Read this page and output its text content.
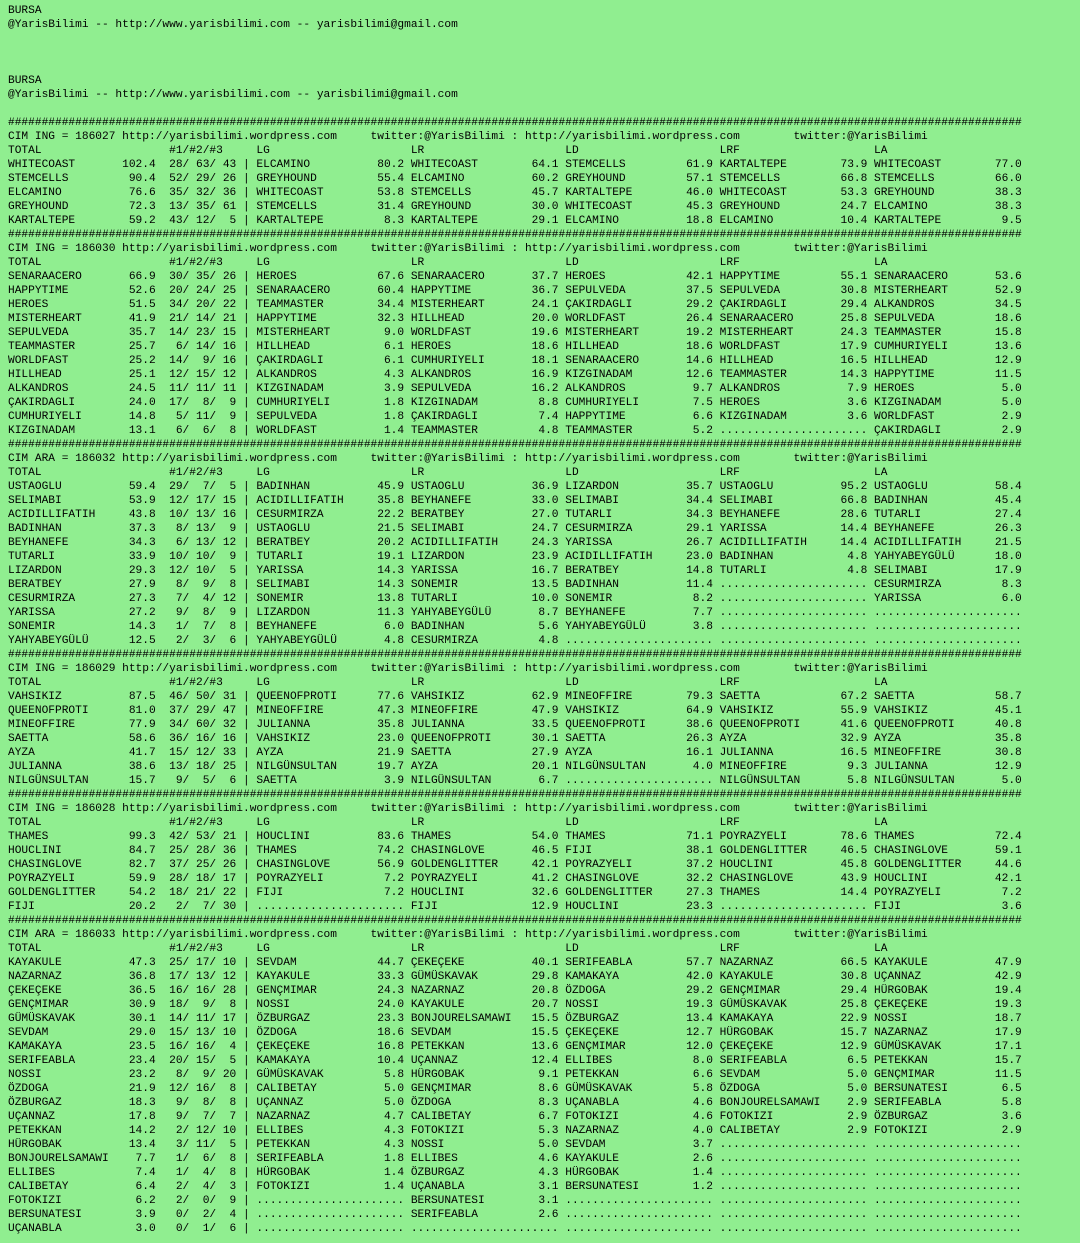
BURSA
@YarisBilimi -- http://www.yarisbilimi.com -- yarisbilimi@gmail.com
BURSA
@YarisBilimi -- http://www.yarisbilimi.com -- yarisbilimi@gmail.com
#######################################################################################################################################################
CIM ING = 186027 http://yarisbilimi.wordpress.com     twitter:@YarisBilimi : http://yarisbilimi.wordpress.com        twitter:@YarisBilimi
TOTAL                   #1/#2/#3     LG                     LR                     LD                     LRF                    LA
WHITECOAST       102.4  28/ 63/ 43 | ELCAMINO          80.2 WHITECOAST        64.1 STEMCELLS         61.9 KARTALTEPE        73.9 WHITECOAST        77.0
STEMCELLS         90.4  52/ 29/ 26 | GREYHOUND         55.4 ELCAMINO          60.2 GREYHOUND         57.1 STEMCELLS         66.8 STEMCELLS         66.0
ELCAMINO          76.6  35/ 32/ 36 | WHITECOAST        53.8 STEMCELLS         45.7 KARTALTEPE        46.0 WHITECOAST        53.3 GREYHOUND         38.3
GREYHOUND         72.3  13/ 35/ 61 | STEMCELLS         31.4 GREYHOUND         30.0 WHITECOAST        45.3 GREYHOUND         24.7 ELCAMINO          38.3
KARTALTEPE        59.2  43/ 12/  5 | KARTALTEPE         8.3 KARTALTEPE        29.1 ELCAMINO          18.8 ELCAMINO          10.4 KARTALTEPE         9.5
#######################################################################################################################################################
CIM ING = 186030 http://yarisbilimi.wordpress.com     twitter:@YarisBilimi : http://yarisbilimi.wordpress.com        twitter:@YarisBilimi
TOTAL                   #1/#2/#3     LG                     LR                     LD                     LRF                    LA
SENARAACERO       66.9  30/ 35/ 26 | HEROES            67.6 SENARAACERO       37.7 HEROES            42.1 HAPPYTIME         55.1 SENARAACERO       53.6
HAPPYTIME         52.6  20/ 24/ 25 | SENARAACERO       60.4 HAPPYTIME         36.7 SEPULVEDA         37.5 SEPULVEDA         30.8 MISTERHEART       52.9
HEROES            51.5  34/ 20/ 22 | TEAMMASTER        34.4 MISTERHEART       24.1 ÇAKIRDAGLI        29.2 ÇAKIRDAGLI        29.4 ALKANDROS         34.5
MISTERHEART       41.9  21/ 14/ 21 | HAPPYTIME         32.3 HILLHEAD          20.0 WORLDFAST         26.4 SENARAACERO       25.8 SEPULVEDA         18.6
SEPULVEDA         35.7  14/ 23/ 15 | MISTERHEART        9.0 WORLDFAST         19.6 MISTERHEART       19.2 MISTERHEART       24.3 TEAMMASTER        15.8
TEAMMASTER        25.7   6/ 14/ 16 | HILLHEAD           6.1 HEROES            18.6 HILLHEAD          18.6 WORLDFAST         17.9 CUMHURIYELI       13.6
WORLDFAST         25.2  14/  9/ 16 | ÇAKIRDAGLI         6.1 CUMHURIYELI       18.1 SENARAACERO       14.6 HILLHEAD          16.5 HILLHEAD          12.9
HILLHEAD          25.1  12/ 15/ 12 | ALKANDROS          4.3 ALKANDROS         16.9 KIZGINADAM        12.6 TEAMMASTER        14.3 HAPPYTIME         11.5
ALKANDROS         24.5  11/ 11/ 11 | KIZGINADAM         3.9 SEPULVEDA         16.2 ALKANDROS          9.7 ALKANDROS          7.9 HEROES             5.0
ÇAKIRDAGLI        24.0  17/  8/  9 | CUMHURIYELI        1.8 KIZGINADAM         8.8 CUMHURIYELI        7.5 HEROES             3.6 KIZGINADAM         5.0
CUMHURIYELI       14.8   5/ 11/  9 | SEPULVEDA          1.8 ÇAKIRDAGLI         7.4 HAPPYTIME          6.6 KIZGINADAM         3.6 WORLDFAST          2.9
KIZGINADAM        13.1   6/  6/  8 | WORLDFAST          1.4 TEAMMASTER         4.8 TEAMMASTER         5.2 ...................... ÇAKIRDAGLI         2.9
#######################################################################################################################################################
CIM ARA = 186032 http://yarisbilimi.wordpress.com     twitter:@YarisBilimi : http://yarisbilimi.wordpress.com        twitter:@YarisBilimi
TOTAL                   #1/#2/#3     LG                     LR                     LD                     LRF                    LA
USTAOGLU          59.4  29/  7/  5 | BADINHAN          45.9 USTAOGLU          36.9 LIZARDON          35.7 USTAOGLU          95.2 USTAOGLU          58.4
SELIMABI          53.9  12/ 17/ 15 | ACIDILLIFATIH     35.8 BEYHANEFE         33.0 SELIMABI          34.4 SELIMABI          66.8 BADINHAN          45.4
ACIDILLIFATIH     43.8  10/ 13/ 16 | CESURMIRZA        22.2 BERATBEY          27.0 TUTARLI           34.3 BEYHANEFE         28.6 TUTARLI           27.4
BADINHAN          37.3   8/ 13/  9 | USTAOGLU          21.5 SELIMABI          24.7 CESURMIRZA        29.1 YARISSA           14.4 BEYHANEFE         26.3
BEYHANEFE         34.3   6/ 13/ 12 | BERATBEY          20.2 ACIDILLIFATIH     24.3 YARISSA           26.7 ACIDILLIFATIH     14.4 ACIDILLIFATIH     21.5
TUTARLI           33.9  10/ 10/  9 | TUTARLI           19.1 LIZARDON          23.9 ACIDILLIFATIH     23.0 BADINHAN           4.8 YAHYABEYGÜLÜ      18.0
LIZARDON          29.3  12/ 10/  5 | YARISSA           14.3 YARISSA           16.7 BERATBEY          14.8 TUTARLI            4.8 SELIMABI          17.9
BERATBEY          27.9   8/  9/  8 | SELIMABI          14.3 SONEMIR           13.5 BADINHAN          11.4 ...................... CESURMIRZA         8.3
CESURMIRZA        27.3   7/  4/ 12 | SONEMIR           13.8 TUTARLI           10.0 SONEMIR            8.2 ...................... YARISSA            6.0
YARISSA           27.2   9/  8/  9 | LIZARDON          11.3 YAHYABEYGÜLÜ       8.7 BEYHANEFE          7.7 ...................... ......................
SONEMIR           14.3   1/  7/  8 | BEYHANEFE          6.0 BADINHAN           5.6 YAHYABEYGÜLÜ       3.8 ...................... ......................
YAHYABEYGÜLÜ      12.5   2/  3/  6 | YAHYABEYGÜLÜ       4.8 CESURMIRZA         4.8 ...................... ...................... ......................
#######################################################################################################################################################
CIM ING = 186029 http://yarisbilimi.wordpress.com     twitter:@YarisBilimi : http://yarisbilimi.wordpress.com        twitter:@YarisBilimi
TOTAL                   #1/#2/#3     LG                     LR                     LD                     LRF                    LA
VAHSIKIZ          87.5  46/ 50/ 31 | QUEENOFPROTI      77.6 VAHSIKIZ          62.9 MINEOFFIRE        79.3 SAETTA            67.2 SAETTA            58.7
QUEENOFPROTI      81.0  37/ 29/ 47 | MINEOFFIRE        47.3 MINEOFFIRE        47.9 VAHSIKIZ          64.9 VAHSIKIZ          55.9 VAHSIKIZ          45.1
MINEOFFIRE        77.9  34/ 60/ 32 | JULIANNA          35.8 JULIANNA          33.5 QUEENOFPROTI      38.6 QUEENOFPROTI      41.6 QUEENOFPROTI      40.8
SAETTA            58.6  36/ 16/ 16 | VAHSIKIZ          23.0 QUEENOFPROTI      30.1 SAETTA            26.3 AYZA              32.9 AYZA              35.8
AYZA              41.7  15/ 12/ 33 | AYZA              21.9 SAETTA            27.9 AYZA              16.1 JULIANNA          16.5 MINEOFFIRE        30.8
JULIANNA          38.6  13/ 18/ 25 | NILGÜNSULTAN      19.7 AYZA              20.1 NILGÜNSULTAN       4.0 MINEOFFIRE         9.3 JULIANNA          12.9
NILGÜNSULTAN      15.7   9/  5/  6 | SAETTA             3.9 NILGÜNSULTAN       6.7 ...................... NILGÜNSULTAN       5.8 NILGÜNSULTAN       5.0
#######################################################################################################################################################
CIM ING = 186028 http://yarisbilimi.wordpress.com     twitter:@YarisBilimi : http://yarisbilimi.wordpress.com        twitter:@YarisBilimi
TOTAL                   #1/#2/#3     LG                     LR                     LD                     LRF                    LA
THAMES            99.3  42/ 53/ 21 | HOUCLINI          83.6 THAMES            54.0 THAMES            71.1 POYRAZYELI        78.6 THAMES            72.4
HOUCLINI          84.7  25/ 28/ 36 | THAMES            74.2 CHASINGLOVE       46.5 FIJI              38.1 GOLDENGLITTER     46.5 CHASINGLOVE       59.1
CHASINGLOVE       82.7  37/ 25/ 26 | CHASINGLOVE       56.9 GOLDENGLITTER     42.1 POYRAZYELI        37.2 HOUCLINI          45.8 GOLDENGLITTER     44.6
POYRAZYELI        59.9  28/ 18/ 17 | POYRAZYELI         7.2 POYRAZYELI        41.2 CHASINGLOVE       32.2 CHASINGLOVE       43.9 HOUCLINI          42.1
GOLDENGLITTER     54.2  18/ 21/ 22 | FIJI               7.2 HOUCLINI          32.6 GOLDENGLITTER     27.3 THAMES            14.4 POYRAZYELI         7.2
FIJI              20.2   2/  7/ 30 | ...................... FIJI              12.9 HOUCLINI          23.3 ...................... FIJI               3.6
#######################################################################################################################################################
CIM ARA = 186033 http://yarisbilimi.wordpress.com     twitter:@YarisBilimi : http://yarisbilimi.wordpress.com        twitter:@YarisBilimi
TOTAL                   #1/#2/#3     LG                     LR                     LD                     LRF                    LA
KAYAKULE          47.3  25/ 17/ 10 | SEVDAM            44.7 ÇEKEÇEKE          40.1 SERIFEABLA        57.7 NAZARNAZ          66.5 KAYAKULE          47.9
NAZARNAZ          36.8  17/ 13/ 12 | KAYAKULE          33.3 GÜMÜSKAVAK        29.8 KAMAKAYA          42.0 KAYAKULE          30.8 UÇANNAZ           42.9
ÇEKEÇEKE          36.5  16/ 16/ 28 | GENÇMIMAR         24.3 NAZARNAZ          20.8 ÖZDOGA            29.2 GENÇMIMAR         29.4 HÜRGOBAK          19.4
GENÇMIMAR         30.9  18/  9/  8 | NOSSI             24.0 KAYAKULE          20.7 NOSSI             19.3 GÜMÜSKAVAK        25.8 ÇEKEÇEKE          19.3
GÜMÜSKAVAK        30.1  14/ 11/ 17 | ÖZBURGAZ          23.3 BONJOURELSAMAWI   15.5 ÖZBURGAZ          13.4 KAMAKAYA          22.9 NOSSI             18.7
SEVDAM            29.0  15/ 13/ 10 | ÖZDOGA            18.6 SEVDAM            15.5 ÇEKEÇEKE          12.7 HÜRGOBAK          15.7 NAZARNAZ          17.9
KAMAKAYA          23.5  16/ 16/  4 | ÇEKEÇEKE          16.8 PETEKKAN          13.6 GENÇMIMAR         12.0 ÇEKEÇEKE          12.9 GÜMÜSKAVAK        17.1
SERIFEABLA        23.4  20/ 15/  5 | KAMAKAYA          10.4 UÇANNAZ           12.4 ELLIBES            8.0 SERIFEABLA         6.5 PETEKKAN          15.7
NOSSI             23.2   8/  9/ 20 | GÜMÜSKAVAK         5.8 HÜRGOBAK           9.1 PETEKKAN           6.6 SEVDAM             5.0 GENÇMIMAR         11.5
ÖZDOGA            21.9  12/ 16/  8 | CALIBETAY          5.0 GENÇMIMAR          8.6 GÜMÜSKAVAK         5.8 ÖZDOGA             5.0 BERSUNATESI        6.5
ÖZBURGAZ          18.3   9/  8/  8 | UÇANNAZ            5.0 ÖZDOGA             8.3 UÇANABLA           4.6 BONJOURELSAMAWI    2.9 SERIFEABLA         5.8
UÇANNAZ           17.8   9/  7/  7 | NAZARNAZ           4.7 CALIBETAY          6.7 FOTOKIZI           4.6 FOTOKIZI           2.9 ÖZBURGAZ           3.6
PETEKKAN          14.2   2/ 12/ 10 | ELLIBES            4.3 FOTOKIZI           5.3 NAZARNAZ           4.0 CALIBETAY          2.9 FOTOKIZI           2.9
HÜRGOBAK          13.4   3/ 11/  5 | PETEKKAN           4.3 NOSSI              5.0 SEVDAM             3.7 ...................... ......................
BONJOURELSAMAWI    7.7   1/  6/  8 | SERIFEABLA         1.8 ELLIBES            4.6 KAYAKULE           2.6 ...................... ......................
ELLIBES            7.4   1/  4/  8 | HÜRGOBAK           1.4 ÖZBURGAZ           4.3 HÜRGOBAK           1.4 ...................... ......................
CALIBETAY          6.4   2/  4/  3 | FOTOKIZI           1.4 UÇANABLA           3.1 BERSUNATESI        1.2 ...................... ......................
FOTOKIZI           6.2   2/  0/  9 | ...................... BERSUNATESI        3.1 ...................... ...................... ......................
BERSUNATESI        3.9   0/  2/  4 | ...................... SERIFEABLA         2.6 ...................... ...................... ......................
UÇANABLA           3.0   0/  1/  6 | ...................... ...................... ...................... ...................... ......................
